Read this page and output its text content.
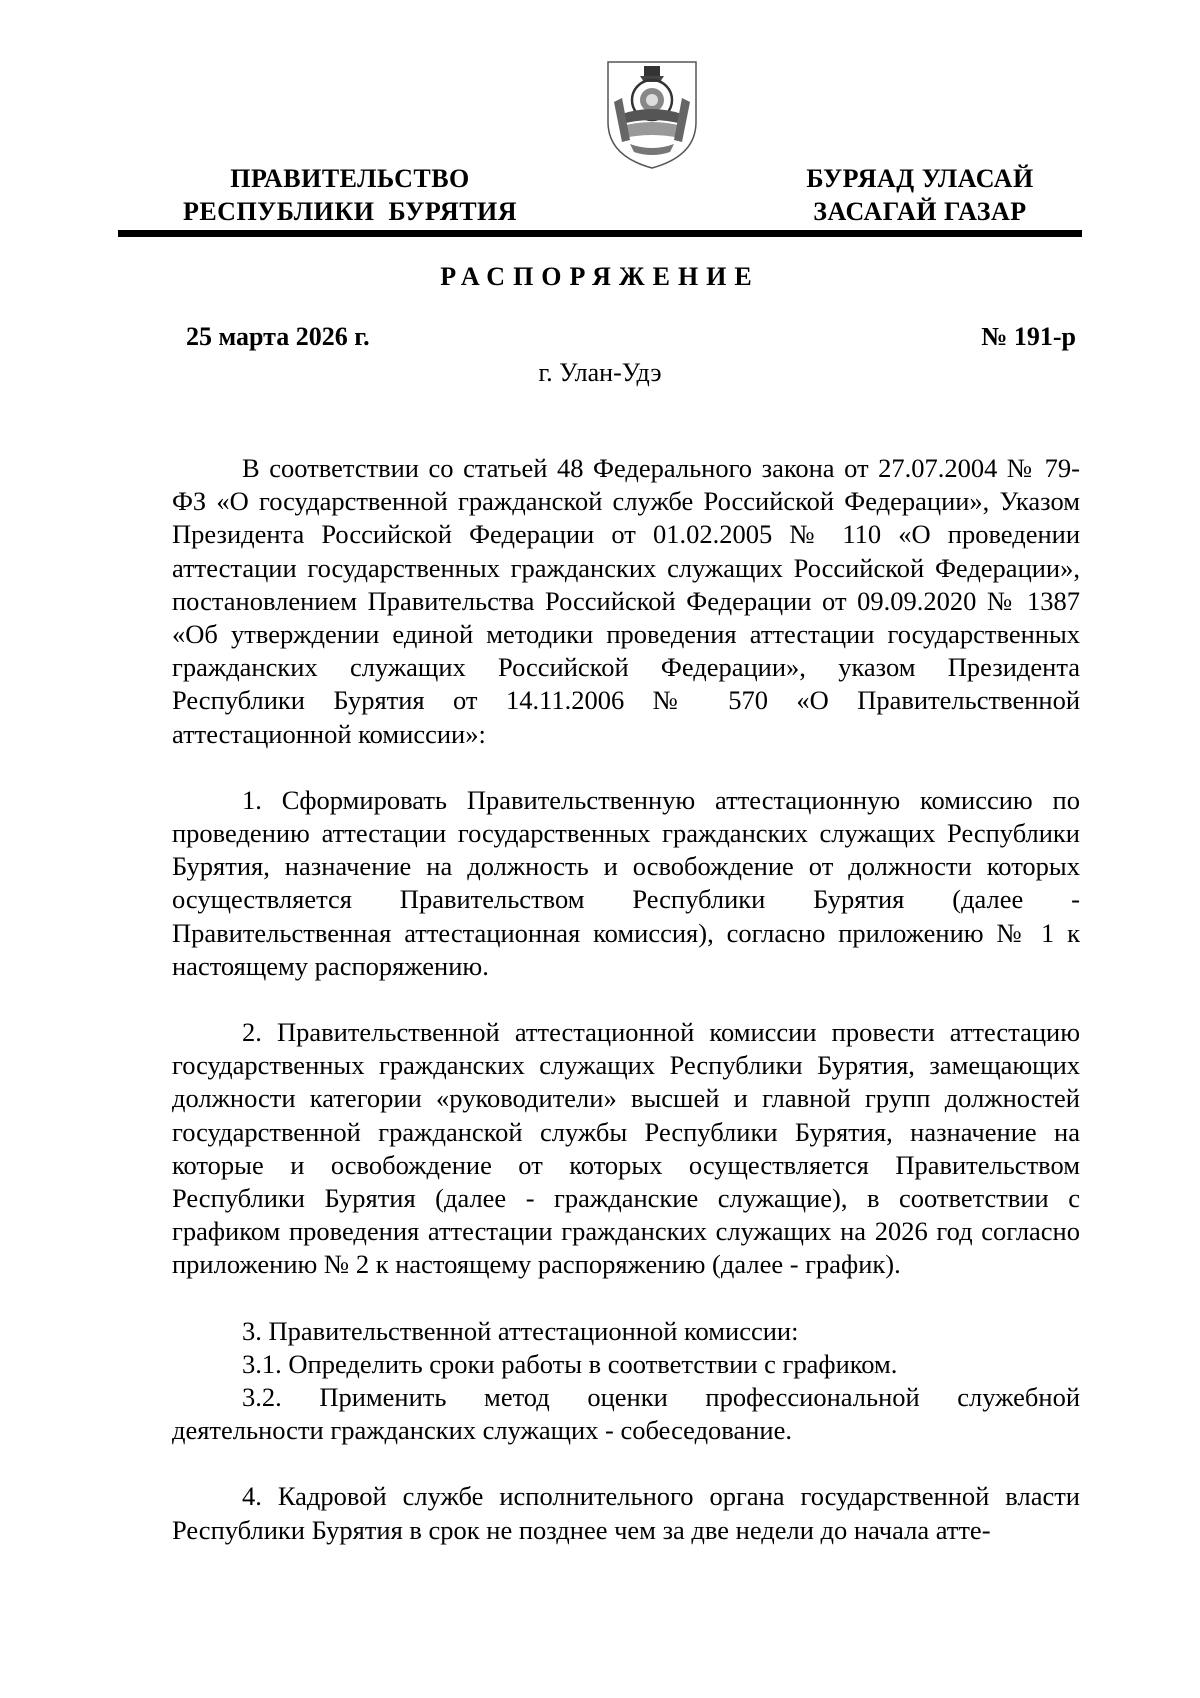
ПРАВИТЕЛЬСТВО
РЕСПУБЛИКИ  БУРЯТИЯ
БУРЯАД УЛАСАЙ
ЗАСАГАЙ ГАЗАР
РАСПОРЯЖЕНИЕ
25 марта 2026 г.	№ 191-р
г. Улан-Удэ

В соответствии со статьей 48 Федерального закона от 27.07.2004 № 79-ФЗ «О государственной гражданской службе Российской Федерации», Указом Президента Российской Федерации от 01.02.2005 № 110 «О проведении аттестации государственных гражданских служащих Российской Федерации», постановлением Правительства Российской Федерации от 09.09.2020 № 1387 «Об утверждении единой методики проведения аттестации государственных гражданских служащих Российской Федерации», указом Президента Республики Бурятия от 14.11.2006 № 570 «О Правительственной аттестационной комиссии»:

1. Сформировать Правительственную аттестационную комиссию по проведению аттестации государственных гражданских служащих Республики Бурятия, назначение на должность и освобождение от должности которых осуществляется Правительством Республики Бурятия (далее - Правительственная аттестационная комиссия), согласно приложению № 1 к настоящему распоряжению.

2. Правительственной аттестационной комиссии провести аттестацию государственных гражданских служащих Республики Бурятия, замещающих должности категории «руководители» высшей и главной групп должностей государственной гражданской службы Республики Бурятия, назначение на которые и освобождение от которых осуществляется Правительством Республики Бурятия (далее - гражданские служащие), в соответствии с графиком проведения аттестации гражданских служащих на 2026 год согласно приложению № 2 к настоящему распоряжению (далее - график).

3. Правительственной аттестационной комиссии:

3.1. Определить сроки работы в соответствии с графиком.

3.2. Применить метод оценки профессиональной служебной деятельности гражданских служащих - собеседование.

4. Кадровой службе исполнительного органа государственной власти Республики Бурятия в срок не позднее чем за две недели до начала атте-
